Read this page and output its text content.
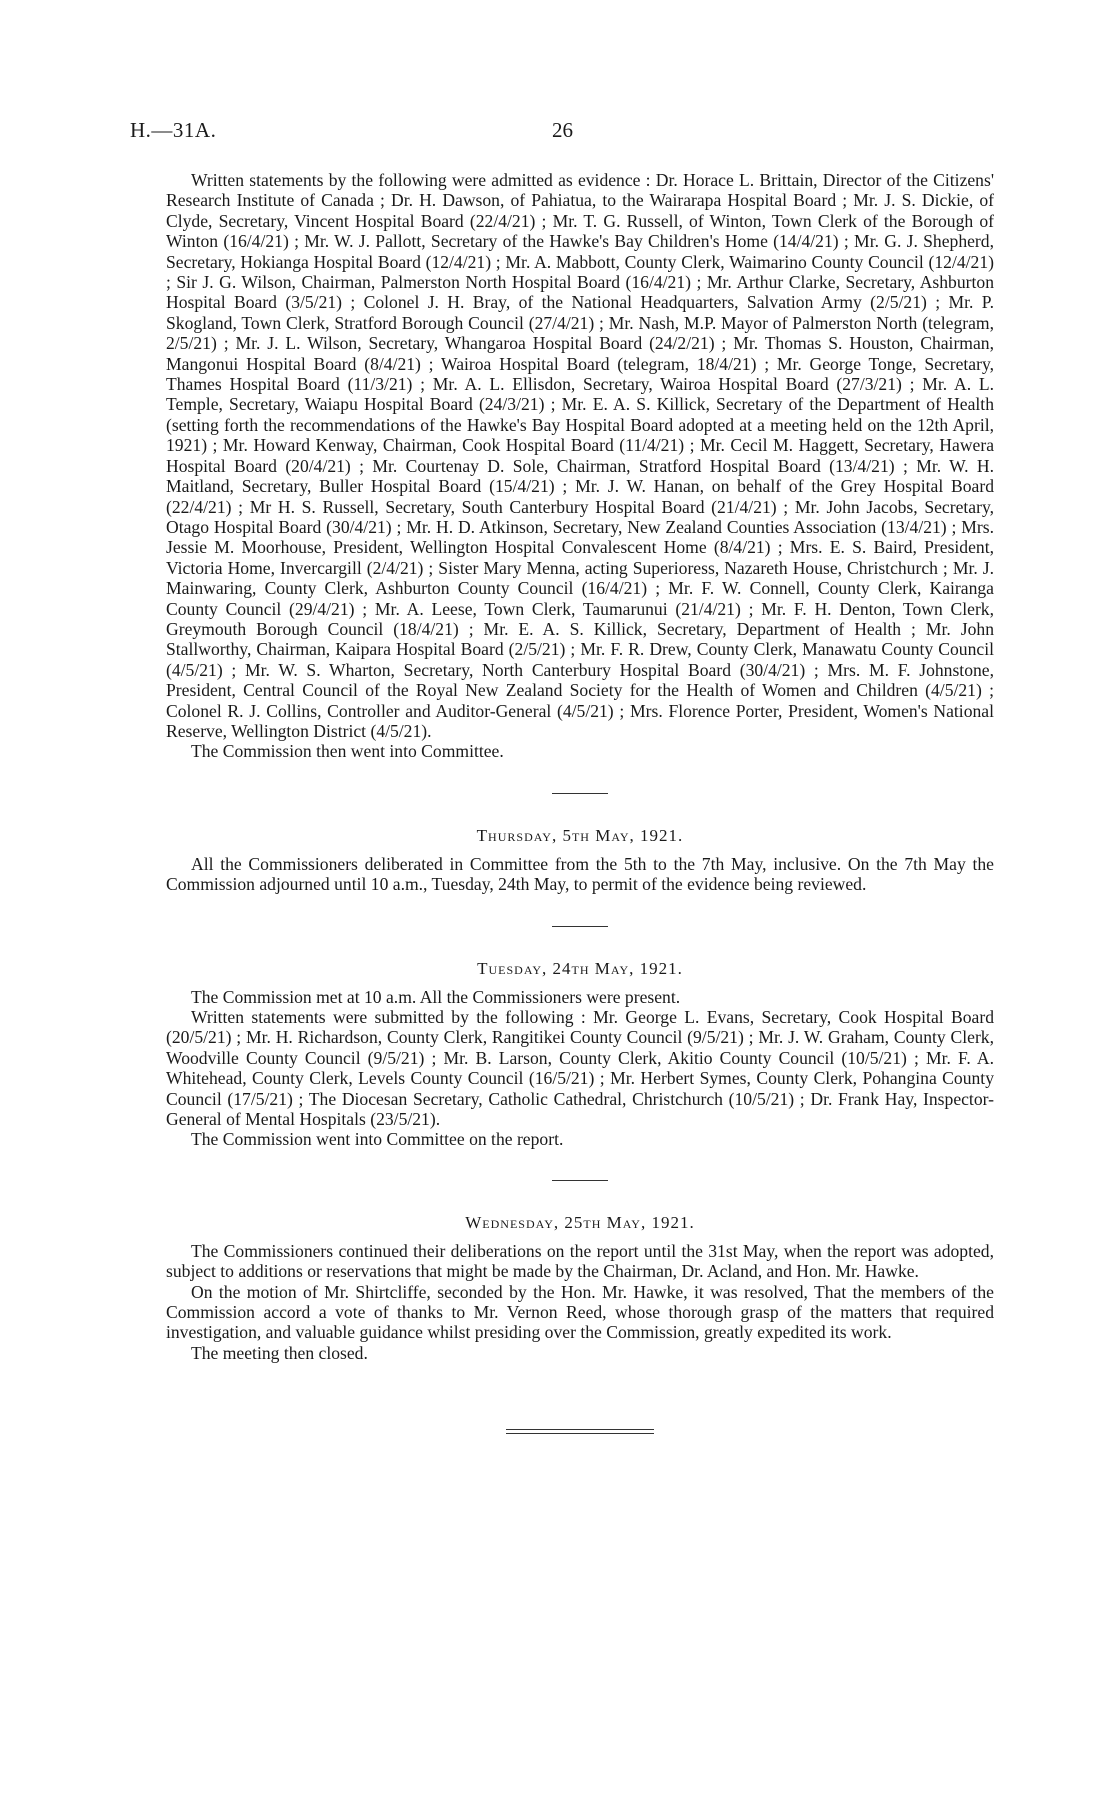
H.—31A.	26

Written statements by the following were admitted as evidence : Dr. Horace L. Brittain, Director of the Citizens' Research Institute of Canada ; Dr. H. Dawson, of Pahiatua, to the Wairarapa Hospital Board ; Mr. J. S. Dickie, of Clyde, Secretary, Vincent Hospital Board (22/4/21) ; Mr. T. G. Russell, of Winton, Town Clerk of the Borough of Winton (16/4/21) ; Mr. W. J. Pallott, Secretary of the Hawke's Bay Children's Home (14/4/21) ; Mr. G. J. Shepherd, Secretary, Hokianga Hospital Board (12/4/21) ; Mr. A. Mabbott, County Clerk, Waimarino County Council (12/4/21) ; Sir J. G. Wilson, Chairman, Palmerston North Hospital Board (16/4/21) ; Mr. Arthur Clarke, Secretary, Ashburton Hospital Board (3/5/21) ; Colonel J. H. Bray, of the National Headquarters, Salvation Army (2/5/21) ; Mr. P. Skogland, Town Clerk, Stratford Borough Council (27/4/21) ; Mr. Nash, M.P. Mayor of Palmerston North (telegram, 2/5/21) ; Mr. J. L. Wilson, Secretary, Whangaroa Hospital Board (24/2/21) ; Mr. Thomas S. Houston, Chairman, Mangonui Hospital Board (8/4/21) ; Wairoa Hospital Board (telegram, 18/4/21) ; Mr. George Tonge, Secretary, Thames Hospital Board (11/3/21) ; Mr. A. L. Ellisdon, Secretary, Wairoa Hospital Board (27/3/21) ; Mr. A. L. Temple, Secretary, Waiapu Hospital Board (24/3/21) ; Mr. E. A. S. Killick, Secretary of the Department of Health (setting forth the recommendations of the Hawke's Bay Hospital Board adopted at a meeting held on the 12th April, 1921) ; Mr. Howard Kenway, Chairman, Cook Hospital Board (11/4/21) ; Mr. Cecil M. Haggett, Secretary, Hawera Hospital Board (20/4/21) ; Mr. Courtenay D. Sole, Chairman, Stratford Hospital Board (13/4/21) ; Mr. W. H. Maitland, Secretary, Buller Hospital Board (15/4/21) ; Mr. J. W. Hanan, on behalf of the Grey Hospital Board (22/4/21) ; Mr H. S. Russell, Secretary, South Canterbury Hospital Board (21/4/21) ; Mr. John Jacobs, Secretary, Otago Hospital Board (30/4/21) ; Mr. H. D. Atkinson, Secretary, New Zealand Counties Association (13/4/21) ; Mrs. Jessie M. Moorhouse, President, Wellington Hospital Convalescent Home (8/4/21) ; Mrs. E. S. Baird, President, Victoria Home, Invercargill (2/4/21) ; Sister Mary Menna, acting Superioress, Nazareth House, Christchurch ; Mr. J. Mainwaring, County Clerk, Ashburton County Council (16/4/21) ; Mr. F. W. Connell, County Clerk, Kairanga County Council (29/4/21) ; Mr. A. Leese, Town Clerk, Taumarunui (21/4/21) ; Mr. F. H. Denton, Town Clerk, Greymouth Borough Council (18/4/21) ; Mr. E. A. S. Killick, Secretary, Department of Health ; Mr. John Stallworthy, Chairman, Kaipara Hospital Board (2/5/21) ; Mr. F. R. Drew, County Clerk, Manawatu County Council (4/5/21) ; Mr. W. S. Wharton, Secretary, North Canterbury Hospital Board (30/4/21) ; Mrs. M. F. Johnstone, President, Central Council of the Royal New Zealand Society for the Health of Women and Children (4/5/21) ; Colonel R. J. Collins, Controller and Auditor-General (4/5/21) ; Mrs. Florence Porter, President, Women's National Reserve, Wellington District (4/5/21).

The Commission then went into Committee.

Thursday, 5th May, 1921.

All the Commissioners deliberated in Committee from the 5th to the 7th May, inclusive. On the 7th May the Commission adjourned until 10 a.m., Tuesday, 24th May, to permit of the evidence being reviewed.

Tuesday, 24th May, 1921.

The Commission met at 10 a.m. All the Commissioners were present.

Written statements were submitted by the following : Mr. George L. Evans, Secretary, Cook Hospital Board (20/5/21) ; Mr. H. Richardson, County Clerk, Rangitikei County Council (9/5/21) ; Mr. J. W. Graham, County Clerk, Woodville County Council (9/5/21) ; Mr. B. Larson, County Clerk, Akitio County Council (10/5/21) ; Mr. F. A. Whitehead, County Clerk, Levels County Council (16/5/21) ; Mr. Herbert Symes, County Clerk, Pohangina County Council (17/5/21) ; The Diocesan Secretary, Catholic Cathedral, Christchurch (10/5/21) ; Dr. Frank Hay, Inspector-General of Mental Hospitals (23/5/21).

The Commission went into Committee on the report.

Wednesday, 25th May, 1921.

The Commissioners continued their deliberations on the report until the 31st May, when the report was adopted, subject to additions or reservations that might be made by the Chairman, Dr. Acland, and Hon. Mr. Hawke.

On the motion of Mr. Shirtcliffe, seconded by the Hon. Mr. Hawke, it was resolved, That the members of the Commission accord a vote of thanks to Mr. Vernon Reed, whose thorough grasp of the matters that required investigation, and valuable guidance whilst presiding over the Commission, greatly expedited its work.

The meeting then closed.
